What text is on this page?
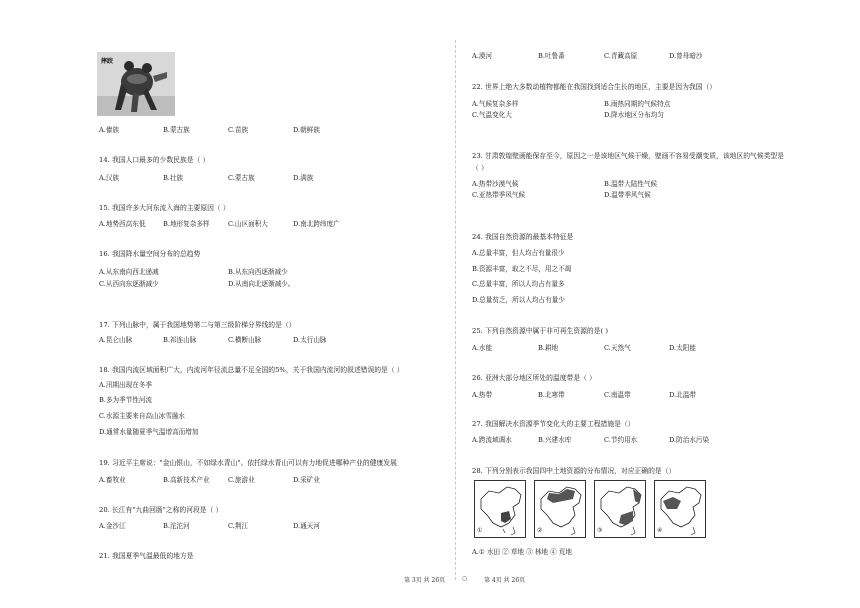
摔跤
A.傣族	B.蒙古族	C.苗族	D.朝鲜族
14. 我国人口最多的少数民族是（ ）
A.汉族	B.壮族	C.蒙古族	D.满族
15. 我国许多大河东流入海的主要原因（ ）
A.地势西高东低	B.地形复杂多样	C.山区面积大	D.南北跨纬度广
16. 我国降水量空间分布的总趋势
A.从东南向西北递减	B.从东向西逐渐减少
C.从西向东逐渐减少	D.从南向北逐渐减少。
17. 下列山脉中，属于我国地势第二与第三级阶梯分界线的是（）
A.昆仑山脉	B.祁连山脉	C.横断山脉	D.太行山脉
18. 我国内流区域面积广大，内流河年径流总量不足全国的5%，关于我国内流河的叙述错误的是（ ）
A.汛期出现在冬季
B.多为季节性河流
C.水源主要来自高山冰雪融水
D.通常水量随夏季气温增高而增加
19. 习近平主席说："金山银山，不如绿水青山"。依托绿水青山可以有力地促进哪种产业的健康发展
A.畜牧业	B.高新技术产业	C.旅游业	D.采矿业
20. 长江有"九曲回肠"之称的河段是（ ）
A.金沙江	B.沱沱河	C.荆江	D.通天河
21. 我国夏季气温最低的地方是
A.漠河	B.吐鲁番	C.青藏高原	D.曾母暗沙
22. 世界上绝大多数动植物都能在我国找到适合生长的地区，主要是因为我国（）
A.气候复杂多样	B.雨热同期的气候特点
C.气温变化大	D.降水地区分布均匀
23. 甘肃敦煌壁画能保存至今，原因之一是该地区气候干燥，壁画不容易受潮变质，该地区的气候类型是
（ ）
A.热带沙漠气候	B.温带大陆性气候
C.亚热带季风气候	D.温带季风气候
24. 我国自然资源的最基本特征是
A.总量丰富，但人均占有量很少
B.资源丰富，取之不尽，用之不竭
C.总量丰富，所以人均占有量多
D.总量贫乏，所以人均占有量少
25. 下列自然资源中属于非可再生资源的是( )
A.水能	B.耕地	C.天然气	D.太阳能
26. 亚洲大部分地区所处的温度带是（ ）
A.热带	B.北寒带	C.南温带	D.北温带
27. 我国解决水资源季节变化大的主要工程措施是（）
A.跨流域调水	B.兴建水库	C.节约用水	D.防治水污染
28. 下列分别表示我国四中土地资源的分布情况，对应正确的是（）
①	②	③	④
A.① 水田 ② 草地 ③ 林地 ④ 荒地
第 3页 共 26页	○	第 4页 共 26页
